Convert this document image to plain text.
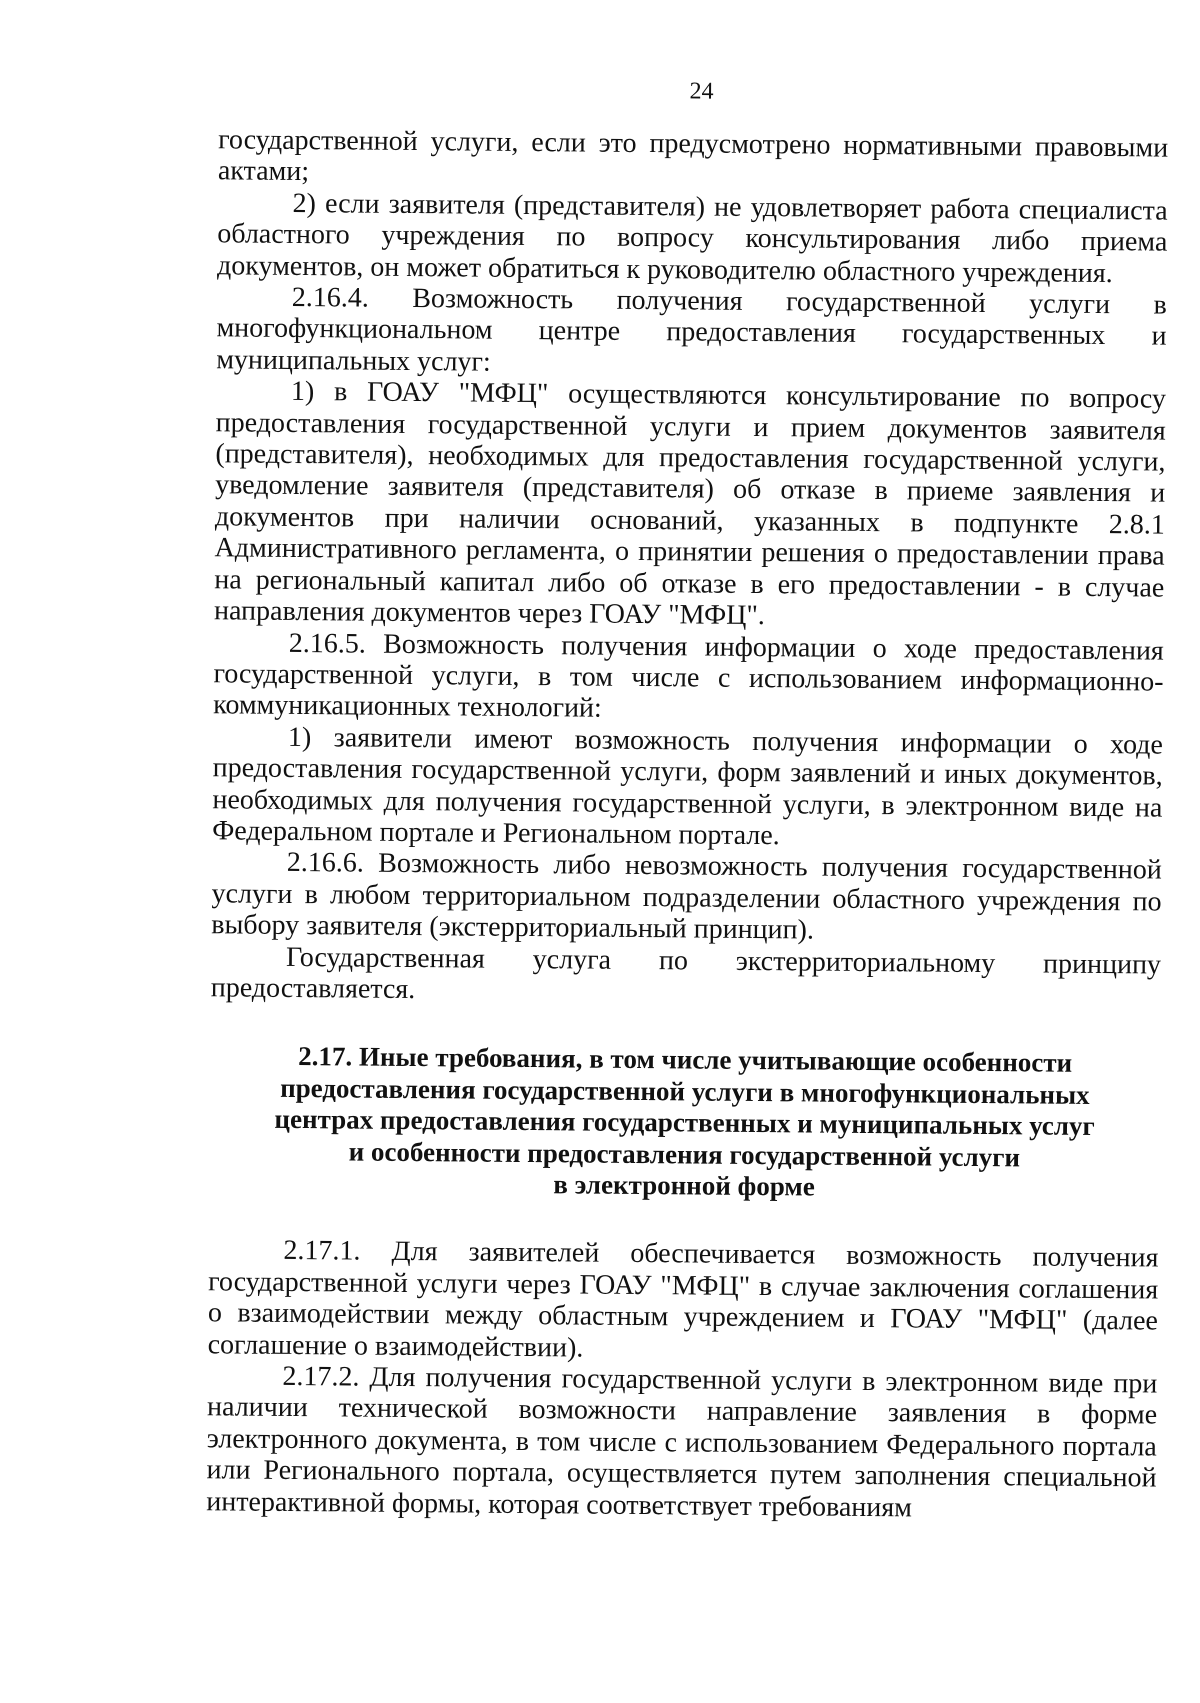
24

государственной услуги, если это предусмотрено нормативными правовыми актами;

2) если заявителя (представителя) не удовлетворяет работа специалиста областного учреждения по вопросу консультирования либо приема документов, он может обратиться к руководителю областного учреждения.

2.16.4. Возможность получения государственной услуги в многофункциональном центре предоставления государственных и муниципальных услуг:

1) в ГОАУ "МФЦ" осуществляются консультирование по вопросу предоставления государственной услуги и прием документов заявителя (представителя), необходимых для предоставления государственной услуги, уведомление заявителя (представителя) об отказе в приеме заявления и документов при наличии оснований, указанных в подпункте 2.8.1 Административного регламента, о принятии решения о предоставлении права на региональный капитал либо об отказе в его предоставлении - в случае направления документов через ГОАУ "МФЦ".

2.16.5. Возможность получения информации о ходе предоставления государственной услуги, в том числе с использованием информационно-коммуникационных технологий:

1) заявители имеют возможность получения информации о ходе предоставления государственной услуги, форм заявлений и иных документов, необходимых для получения государственной услуги, в электронном виде на Федеральном портале и Региональном портале.

2.16.6. Возможность либо невозможность получения государственной услуги в любом территориальном подразделении областного учреждения по выбору заявителя (экстерриториальный принцип).

Государственная услуга по экстерриториальному принципу предоставляется.

2.17. Иные требования, в том числе учитывающие особенности
предоставления государственной услуги в многофункциональных
центрах предоставления государственных и муниципальных услуг
и особенности предоставления государственной услуги
в электронной форме

2.17.1. Для заявителей обеспечивается возможность получения государственной услуги через ГОАУ "МФЦ" в случае заключения соглашения о взаимодействии между областным учреждением и ГОАУ "МФЦ" (далее соглашение о взаимодействии).

2.17.2. Для получения государственной услуги в электронном виде при наличии технической возможности направление заявления в форме электронного документа, в том числе с использованием Федерального портала или Регионального портала, осуществляется путем заполнения специальной интерактивной формы, которая соответствует требованиям
